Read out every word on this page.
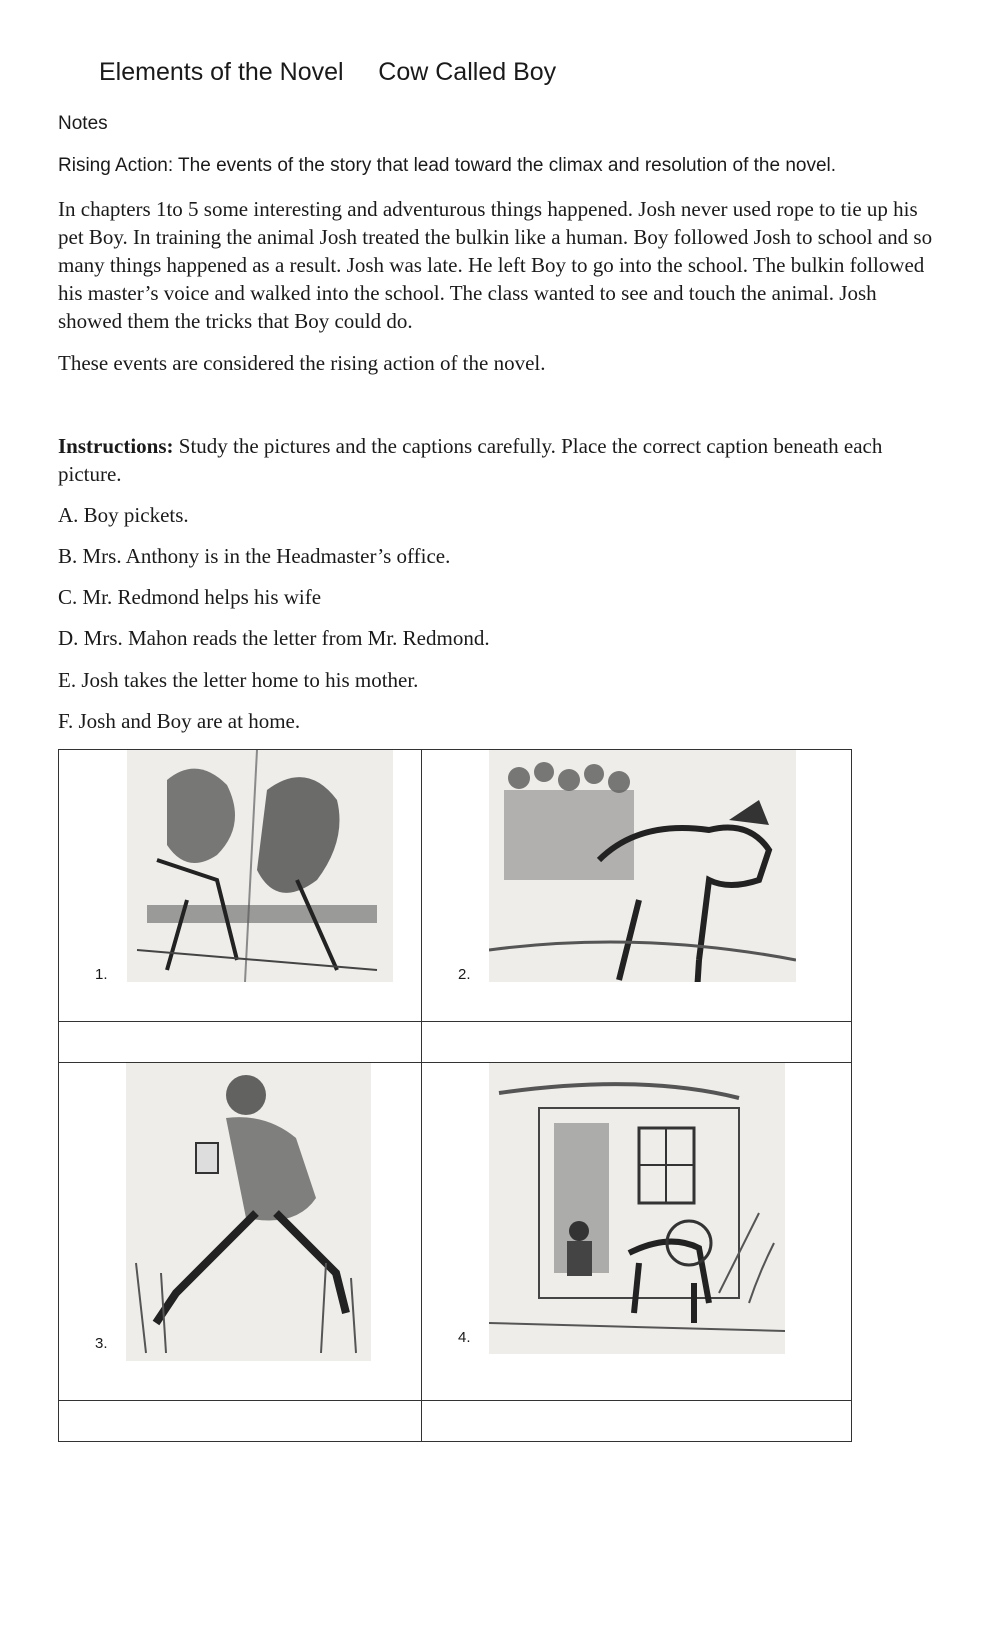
Elements of the Novel     Cow Called Boy
Notes
Rising Action: The events of the story that lead toward the climax and resolution of the novel.
In chapters 1to 5 some interesting and adventurous things happened. Josh never used rope to tie up his pet Boy. In training the animal Josh treated the bulkin like a human. Boy followed Josh to school and so many things happened as a result. Josh was late. He left Boy to go into the school. The bulkin followed his master’s voice and walked into the school. The class wanted to see and touch the animal. Josh showed them the tricks that Boy could do.
These events are considered the rising action of the novel.
Instructions: Study the pictures and the captions carefully. Place the correct caption beneath each picture.
A. Boy pickets.
B. Mrs. Anthony is in the Headmaster’s office.
C. Mr. Redmond helps his wife
D. Mrs. Mahon reads the letter from Mr. Redmond.
E. Josh takes the letter home to his mother.
F. Josh and Boy are at home.
1.	2.
3.	4.
